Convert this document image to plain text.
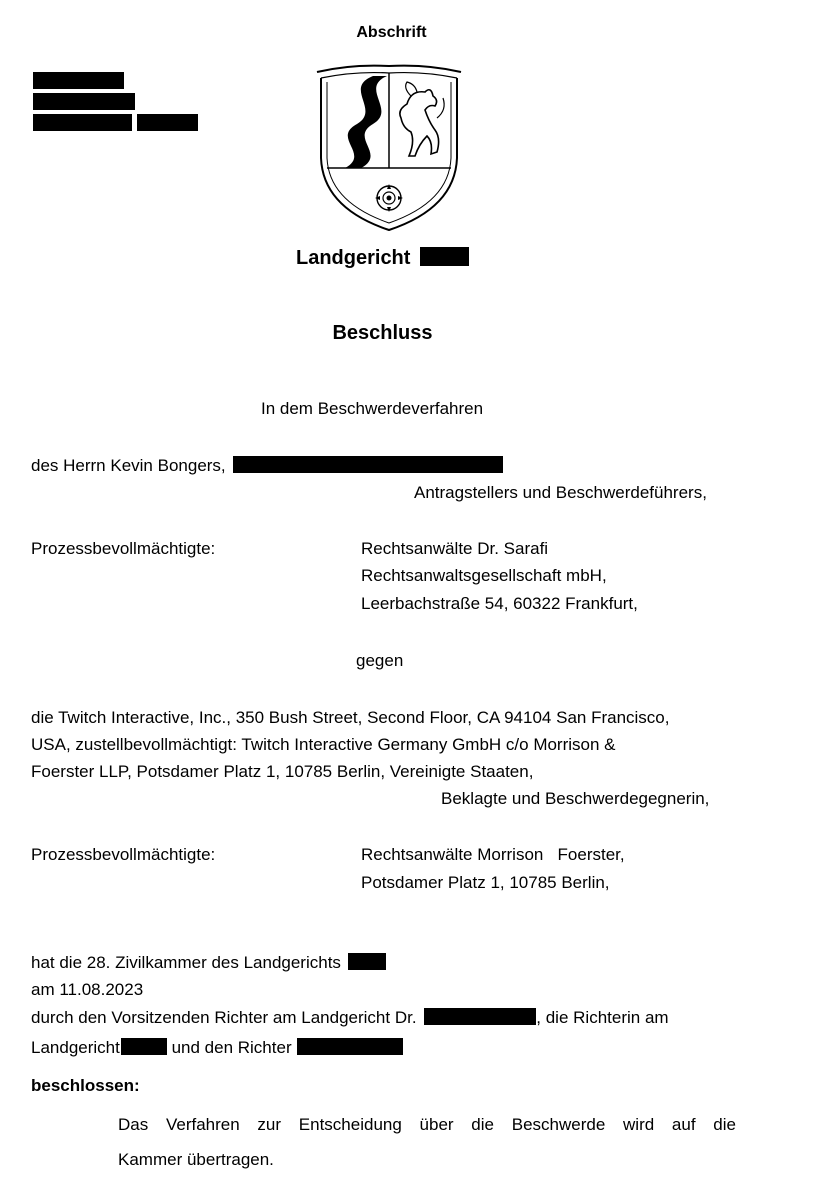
Abschrift
Landgericht
Beschluss
In dem Beschwerdeverfahren
des Herrn Kevin Bongers,
Antragstellers und Beschwerdeführers,
Prozessbevollmächtigte:	Rechtsanwälte Dr. Sarafi
Rechtsanwaltsgesellschaft mbH,
Leerbachstraße 54, 60322 Frankfurt,
gegen
die Twitch Interactive, Inc., 350 Bush Street, Second Floor, CA 94104 San Francisco,
USA, zustellbevollmächtigt: Twitch Interactive Germany GmbH c/o Morrison &
Foerster LLP, Potsdamer Platz 1, 10785 Berlin, Vereinigte Staaten,
Beklagte und Beschwerdegegnerin,
Prozessbevollmächtigte:	Rechtsanwälte Morrison   Foerster,
Potsdamer Platz 1, 10785 Berlin,
hat die 28. Zivilkammer des Landgerichts
am 11.08.2023
durch den Vorsitzenden Richter am Landgericht Dr.	, die Richterin am
Landgericht	und den Richter
beschlossen:
Das Verfahren zur Entscheidung über die Beschwerde wird auf die
Kammer übertragen.
